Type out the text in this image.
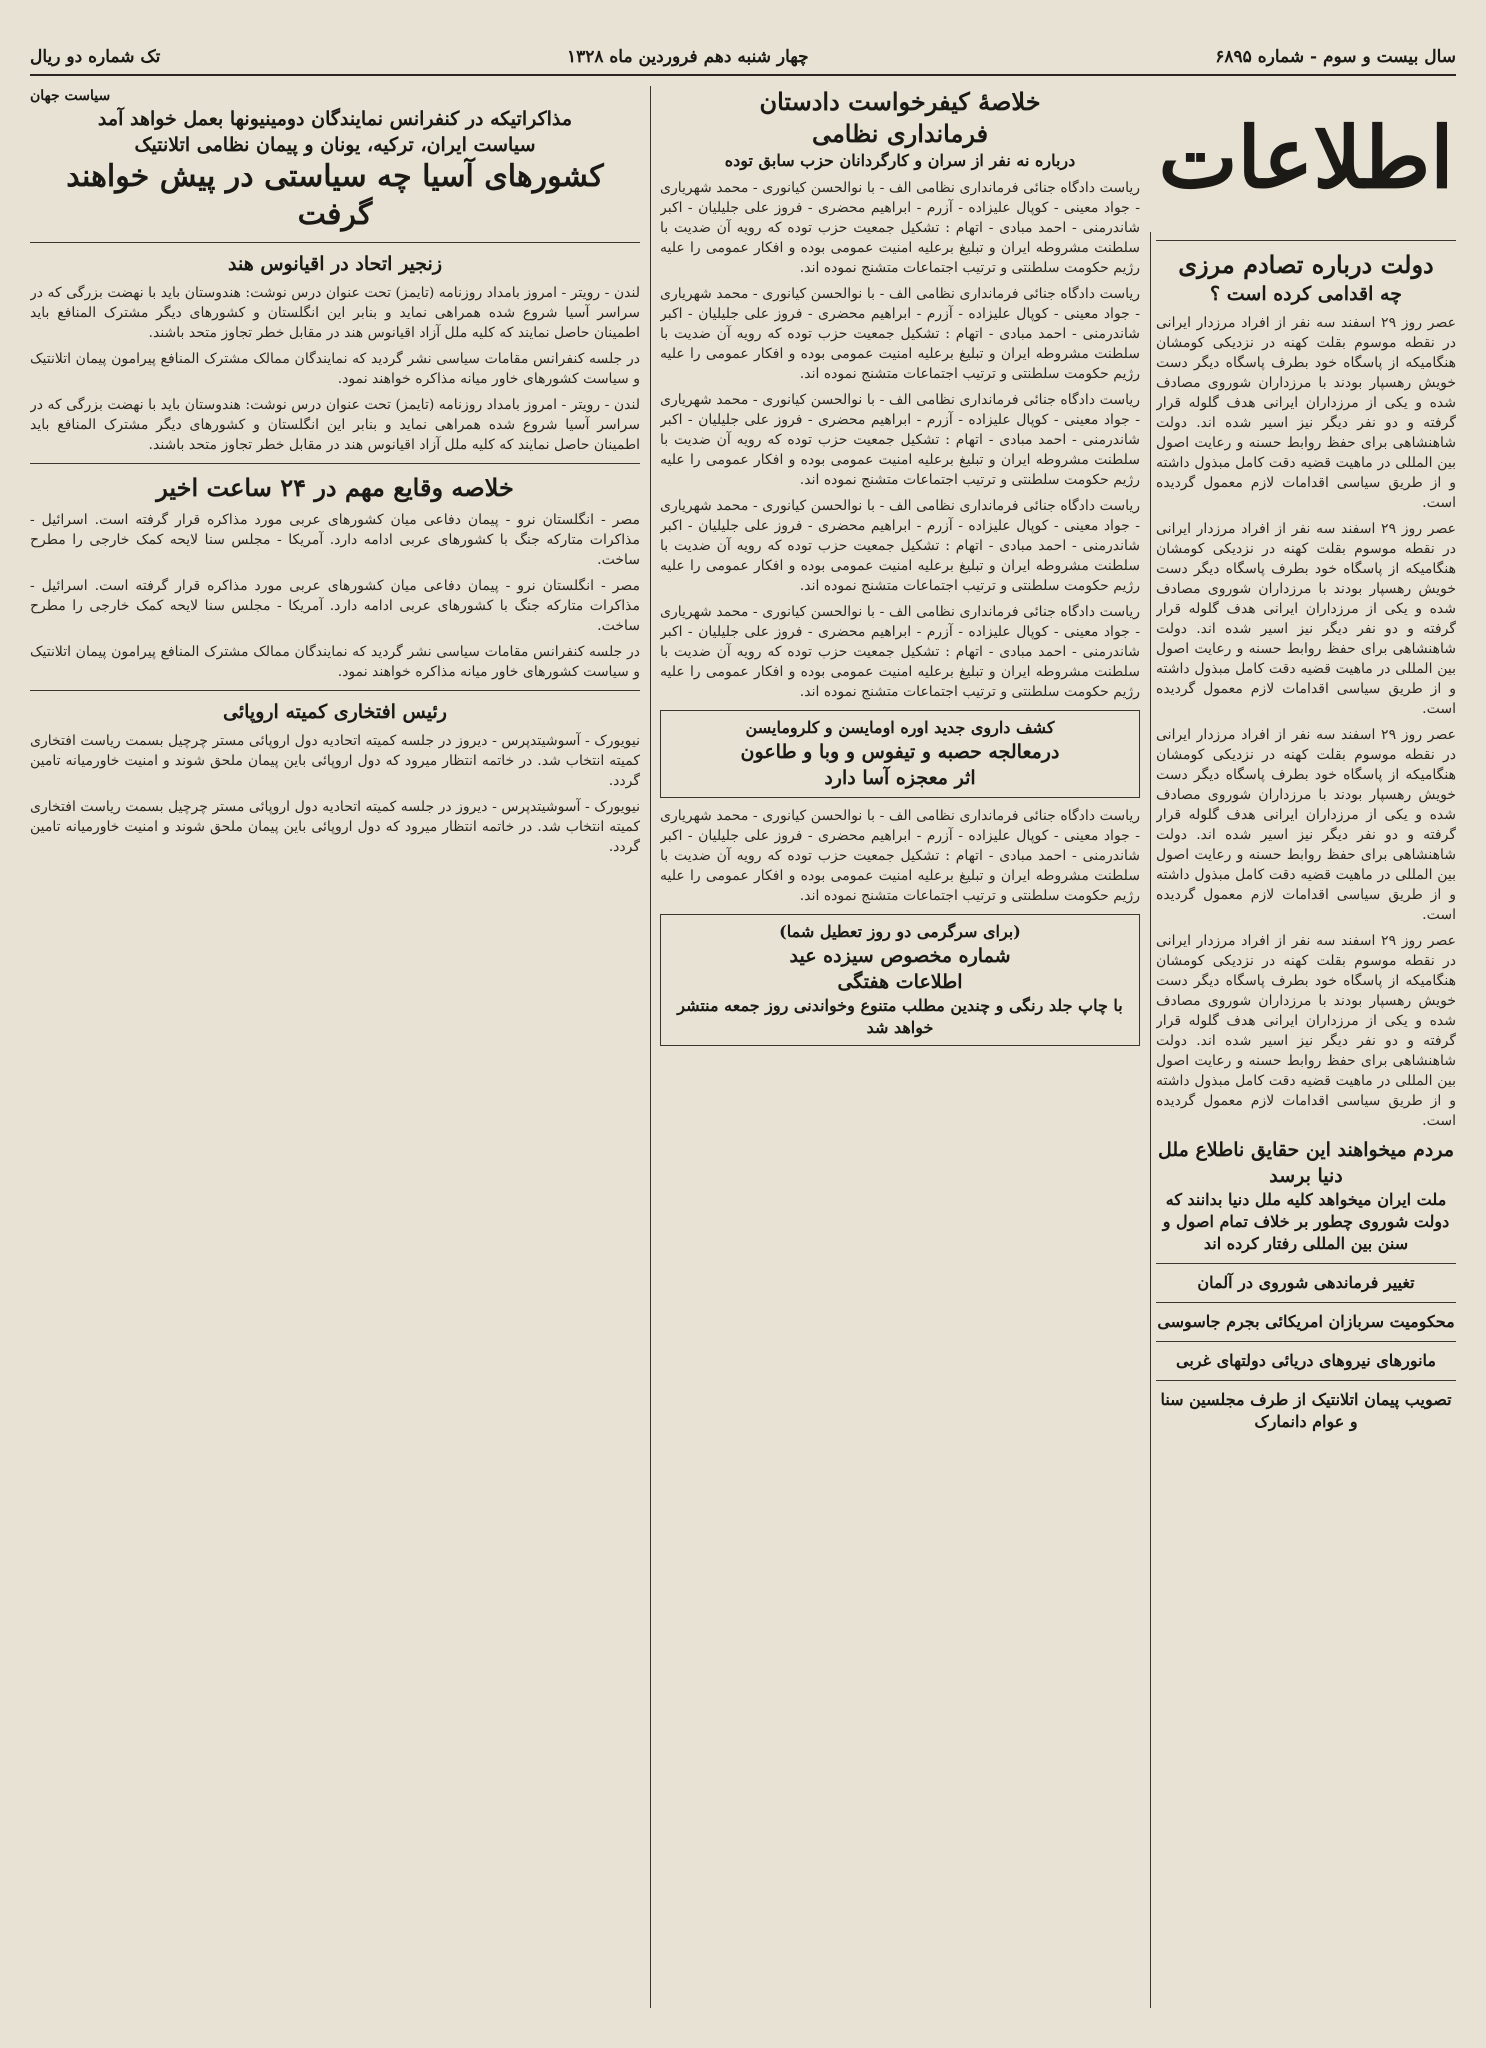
سال بیست و سوم - شماره ۶۸۹۵
چهار شنبه دهم فروردین ماه ۱۳۲۸
تک شماره دو ریال
اطلاعات
دولت درباره تصادم مرزی
چه اقدامی کرده است ؟
عصر روز ۲۹ اسفند سه نفر از افراد مرزدار ایرانی در نقطه موسوم بقلت کهنه در نزدیکی کومشان هنگامیکه از پاسگاه خود بطرف پاسگاه دیگر دست خویش رهسپار بودند با مرزداران شوروی مصادف شده و یکی از مرزداران ایرانی هدف گلوله قرار گرفته و دو نفر دیگر نیز اسیر شده اند. دولت شاهنشاهی برای حفظ روابط حسنه و رعایت اصول بین المللی در ماهیت قضیه دقت کامل مبذول داشته و از طریق سیاسی اقدامات لازم معمول گردیده است.
عصر روز ۲۹ اسفند سه نفر از افراد مرزدار ایرانی در نقطه موسوم بقلت کهنه در نزدیکی کومشان هنگامیکه از پاسگاه خود بطرف پاسگاه دیگر دست خویش رهسپار بودند با مرزداران شوروی مصادف شده و یکی از مرزداران ایرانی هدف گلوله قرار گرفته و دو نفر دیگر نیز اسیر شده اند. دولت شاهنشاهی برای حفظ روابط حسنه و رعایت اصول بین المللی در ماهیت قضیه دقت کامل مبذول داشته و از طریق سیاسی اقدامات لازم معمول گردیده است.
عصر روز ۲۹ اسفند سه نفر از افراد مرزدار ایرانی در نقطه موسوم بقلت کهنه در نزدیکی کومشان هنگامیکه از پاسگاه خود بطرف پاسگاه دیگر دست خویش رهسپار بودند با مرزداران شوروی مصادف شده و یکی از مرزداران ایرانی هدف گلوله قرار گرفته و دو نفر دیگر نیز اسیر شده اند. دولت شاهنشاهی برای حفظ روابط حسنه و رعایت اصول بین المللی در ماهیت قضیه دقت کامل مبذول داشته و از طریق سیاسی اقدامات لازم معمول گردیده است.
عصر روز ۲۹ اسفند سه نفر از افراد مرزدار ایرانی در نقطه موسوم بقلت کهنه در نزدیکی کومشان هنگامیکه از پاسگاه خود بطرف پاسگاه دیگر دست خویش رهسپار بودند با مرزداران شوروی مصادف شده و یکی از مرزداران ایرانی هدف گلوله قرار گرفته و دو نفر دیگر نیز اسیر شده اند. دولت شاهنشاهی برای حفظ روابط حسنه و رعایت اصول بین المللی در ماهیت قضیه دقت کامل مبذول داشته و از طریق سیاسی اقدامات لازم معمول گردیده است.
مردم میخواهند این حقایق ناطلاع ملل دنیا برسد
ملت ایران میخواهد کلیه ملل دنیا بدانند که دولت شوروی چطور بر خلاف تمام اصول و سنن بین المللی رفتار کرده اند
تغییر فرماندهی شوروی در آلمان
محکومیت سربازان امریکائی بجرم جاسوسی
مانورهای نیروهای دریائی دولتهای غربی
تصویب پیمان اتلانتیک از طرف مجلسین سنا و عوام دانمارک
خلاصهٔ کیفرخواست دادستان
فرمانداری نظامی
درباره نه نفر از سران و کارگردانان حزب سابق توده
ریاست دادگاه جنائی فرمانداری نظامی الف - با نوالحسن کیانوری - محمد شهریاری - جواد معینی - کوپال علیزاده - آزرم - ابراهیم محضری - فروز علی جلیلیان - اکبر شاندرمنی - احمد مبادی - اتهام : تشکیل جمعیت حزب توده که رویه آن ضدیت با سلطنت مشروطه ایران و تبلیغ برعلیه امنیت عمومی بوده و افکار عمومی را علیه رژیم حکومت سلطنتی و ترتیب اجتماعات متشنج نموده اند.
ریاست دادگاه جنائی فرمانداری نظامی الف - با نوالحسن کیانوری - محمد شهریاری - جواد معینی - کوپال علیزاده - آزرم - ابراهیم محضری - فروز علی جلیلیان - اکبر شاندرمنی - احمد مبادی - اتهام : تشکیل جمعیت حزب توده که رویه آن ضدیت با سلطنت مشروطه ایران و تبلیغ برعلیه امنیت عمومی بوده و افکار عمومی را علیه رژیم حکومت سلطنتی و ترتیب اجتماعات متشنج نموده اند.
ریاست دادگاه جنائی فرمانداری نظامی الف - با نوالحسن کیانوری - محمد شهریاری - جواد معینی - کوپال علیزاده - آزرم - ابراهیم محضری - فروز علی جلیلیان - اکبر شاندرمنی - احمد مبادی - اتهام : تشکیل جمعیت حزب توده که رویه آن ضدیت با سلطنت مشروطه ایران و تبلیغ برعلیه امنیت عمومی بوده و افکار عمومی را علیه رژیم حکومت سلطنتی و ترتیب اجتماعات متشنج نموده اند.
ریاست دادگاه جنائی فرمانداری نظامی الف - با نوالحسن کیانوری - محمد شهریاری - جواد معینی - کوپال علیزاده - آزرم - ابراهیم محضری - فروز علی جلیلیان - اکبر شاندرمنی - احمد مبادی - اتهام : تشکیل جمعیت حزب توده که رویه آن ضدیت با سلطنت مشروطه ایران و تبلیغ برعلیه امنیت عمومی بوده و افکار عمومی را علیه رژیم حکومت سلطنتی و ترتیب اجتماعات متشنج نموده اند.
ریاست دادگاه جنائی فرمانداری نظامی الف - با نوالحسن کیانوری - محمد شهریاری - جواد معینی - کوپال علیزاده - آزرم - ابراهیم محضری - فروز علی جلیلیان - اکبر شاندرمنی - احمد مبادی - اتهام : تشکیل جمعیت حزب توده که رویه آن ضدیت با سلطنت مشروطه ایران و تبلیغ برعلیه امنیت عمومی بوده و افکار عمومی را علیه رژیم حکومت سلطنتی و ترتیب اجتماعات متشنج نموده اند.
کشف داروی جدید اوره اومایسن و کلرومایسن
درمعالجه حصبه و تیفوس و وبا و طاعون
اثر معجزه آسا دارد
ریاست دادگاه جنائی فرمانداری نظامی الف - با نوالحسن کیانوری - محمد شهریاری - جواد معینی - کوپال علیزاده - آزرم - ابراهیم محضری - فروز علی جلیلیان - اکبر شاندرمنی - احمد مبادی - اتهام : تشکیل جمعیت حزب توده که رویه آن ضدیت با سلطنت مشروطه ایران و تبلیغ برعلیه امنیت عمومی بوده و افکار عمومی را علیه رژیم حکومت سلطنتی و ترتیب اجتماعات متشنج نموده اند.
(برای سرگرمی دو روز تعطیل شما)
شماره مخصوص سیزده عید
اطلاعات هفتگی
با چاپ جلد رنگی و چندین مطلب متنوع وخواندنی روز جمعه منتشر خواهد شد
سیاست جهان
مذاکراتیکه در کنفرانس نمایندگان دومینیونها بعمل خواهد آمد
سیاست ایران، ترکیه، یونان و پیمان نظامی اتلانتیک
کشورهای آسیا چه سیاستی در پیش خواهند گرفت
زنجیر اتحاد در اقیانوس هند
لندن - رویتر - امروز بامداد روزنامه (تایمز) تحت عنوان درس نوشت: هندوستان باید با نهضت بزرگی که در سراسر آسیا شروع شده همراهی نماید و بنابر این انگلستان و کشورهای دیگر مشترک المنافع باید اطمینان حاصل نمایند که کلیه ملل آزاد اقیانوس هند در مقابل خطر تجاوز متحد باشند.
در جلسه کنفرانس مقامات سیاسی نشر گردید که نمایندگان ممالک مشترک المنافع پیرامون پیمان اتلانتیک و سیاست کشورهای خاور میانه مذاکره خواهند نمود.
لندن - رویتر - امروز بامداد روزنامه (تایمز) تحت عنوان درس نوشت: هندوستان باید با نهضت بزرگی که در سراسر آسیا شروع شده همراهی نماید و بنابر این انگلستان و کشورهای دیگر مشترک المنافع باید اطمینان حاصل نمایند که کلیه ملل آزاد اقیانوس هند در مقابل خطر تجاوز متحد باشند.
خلاصه وقایع مهم در ۲۴ ساعت اخیر
مصر - انگلستان نرو - پیمان دفاعی میان کشورهای عربی مورد مذاکره قرار گرفته است. اسرائیل - مذاکرات متارکه جنگ با کشورهای عربی ادامه دارد. آمریکا - مجلس سنا لایحه کمک خارجی را مطرح ساخت.
مصر - انگلستان نرو - پیمان دفاعی میان کشورهای عربی مورد مذاکره قرار گرفته است. اسرائیل - مذاکرات متارکه جنگ با کشورهای عربی ادامه دارد. آمریکا - مجلس سنا لایحه کمک خارجی را مطرح ساخت.
در جلسه کنفرانس مقامات سیاسی نشر گردید که نمایندگان ممالک مشترک المنافع پیرامون پیمان اتلانتیک و سیاست کشورهای خاور میانه مذاکره خواهند نمود.
رئیس افتخاری کمیته اروپائی
نیویورک - آسوشیتدپرس - دیروز در جلسه کمیته اتحادیه دول اروپائی مستر چرچیل بسمت ریاست افتخاری کمیته انتخاب شد. در خاتمه انتظار میرود که دول اروپائی باین پیمان ملحق شوند و امنیت خاورمیانه تامین گردد.
نیویورک - آسوشیتدپرس - دیروز در جلسه کمیته اتحادیه دول اروپائی مستر چرچیل بسمت ریاست افتخاری کمیته انتخاب شد. در خاتمه انتظار میرود که دول اروپائی باین پیمان ملحق شوند و امنیت خاورمیانه تامین گردد.
